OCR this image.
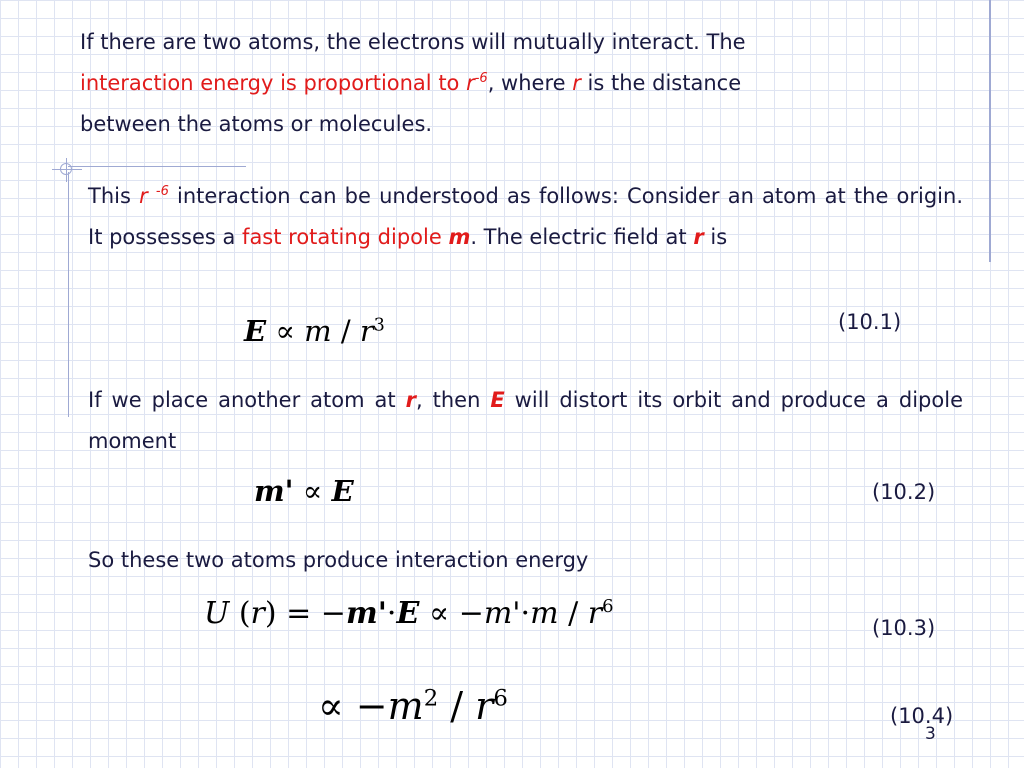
If there are two atoms, the electrons will mutually interact. The
interaction energy is proportional to $r^{-6}$, where r is the distance
between the atoms or molecules.
This r $^{-6}$ interaction can be understood as follows: Consider an atom at the origin. It possesses a fast rotating dipole m. The electric field at r is
$E \propto m / r^3$	(10.1)
If we place another atom at r, then E will distort its orbit and produce a dipole moment
m' ∝ E	(10.2)
So these two atoms produce interaction energy
U $(r) = -m'\cdot E \propto -m'\cdot m / r^6$
(10.3)
∝ $-m^2 / r^6$
(10.4)
3
